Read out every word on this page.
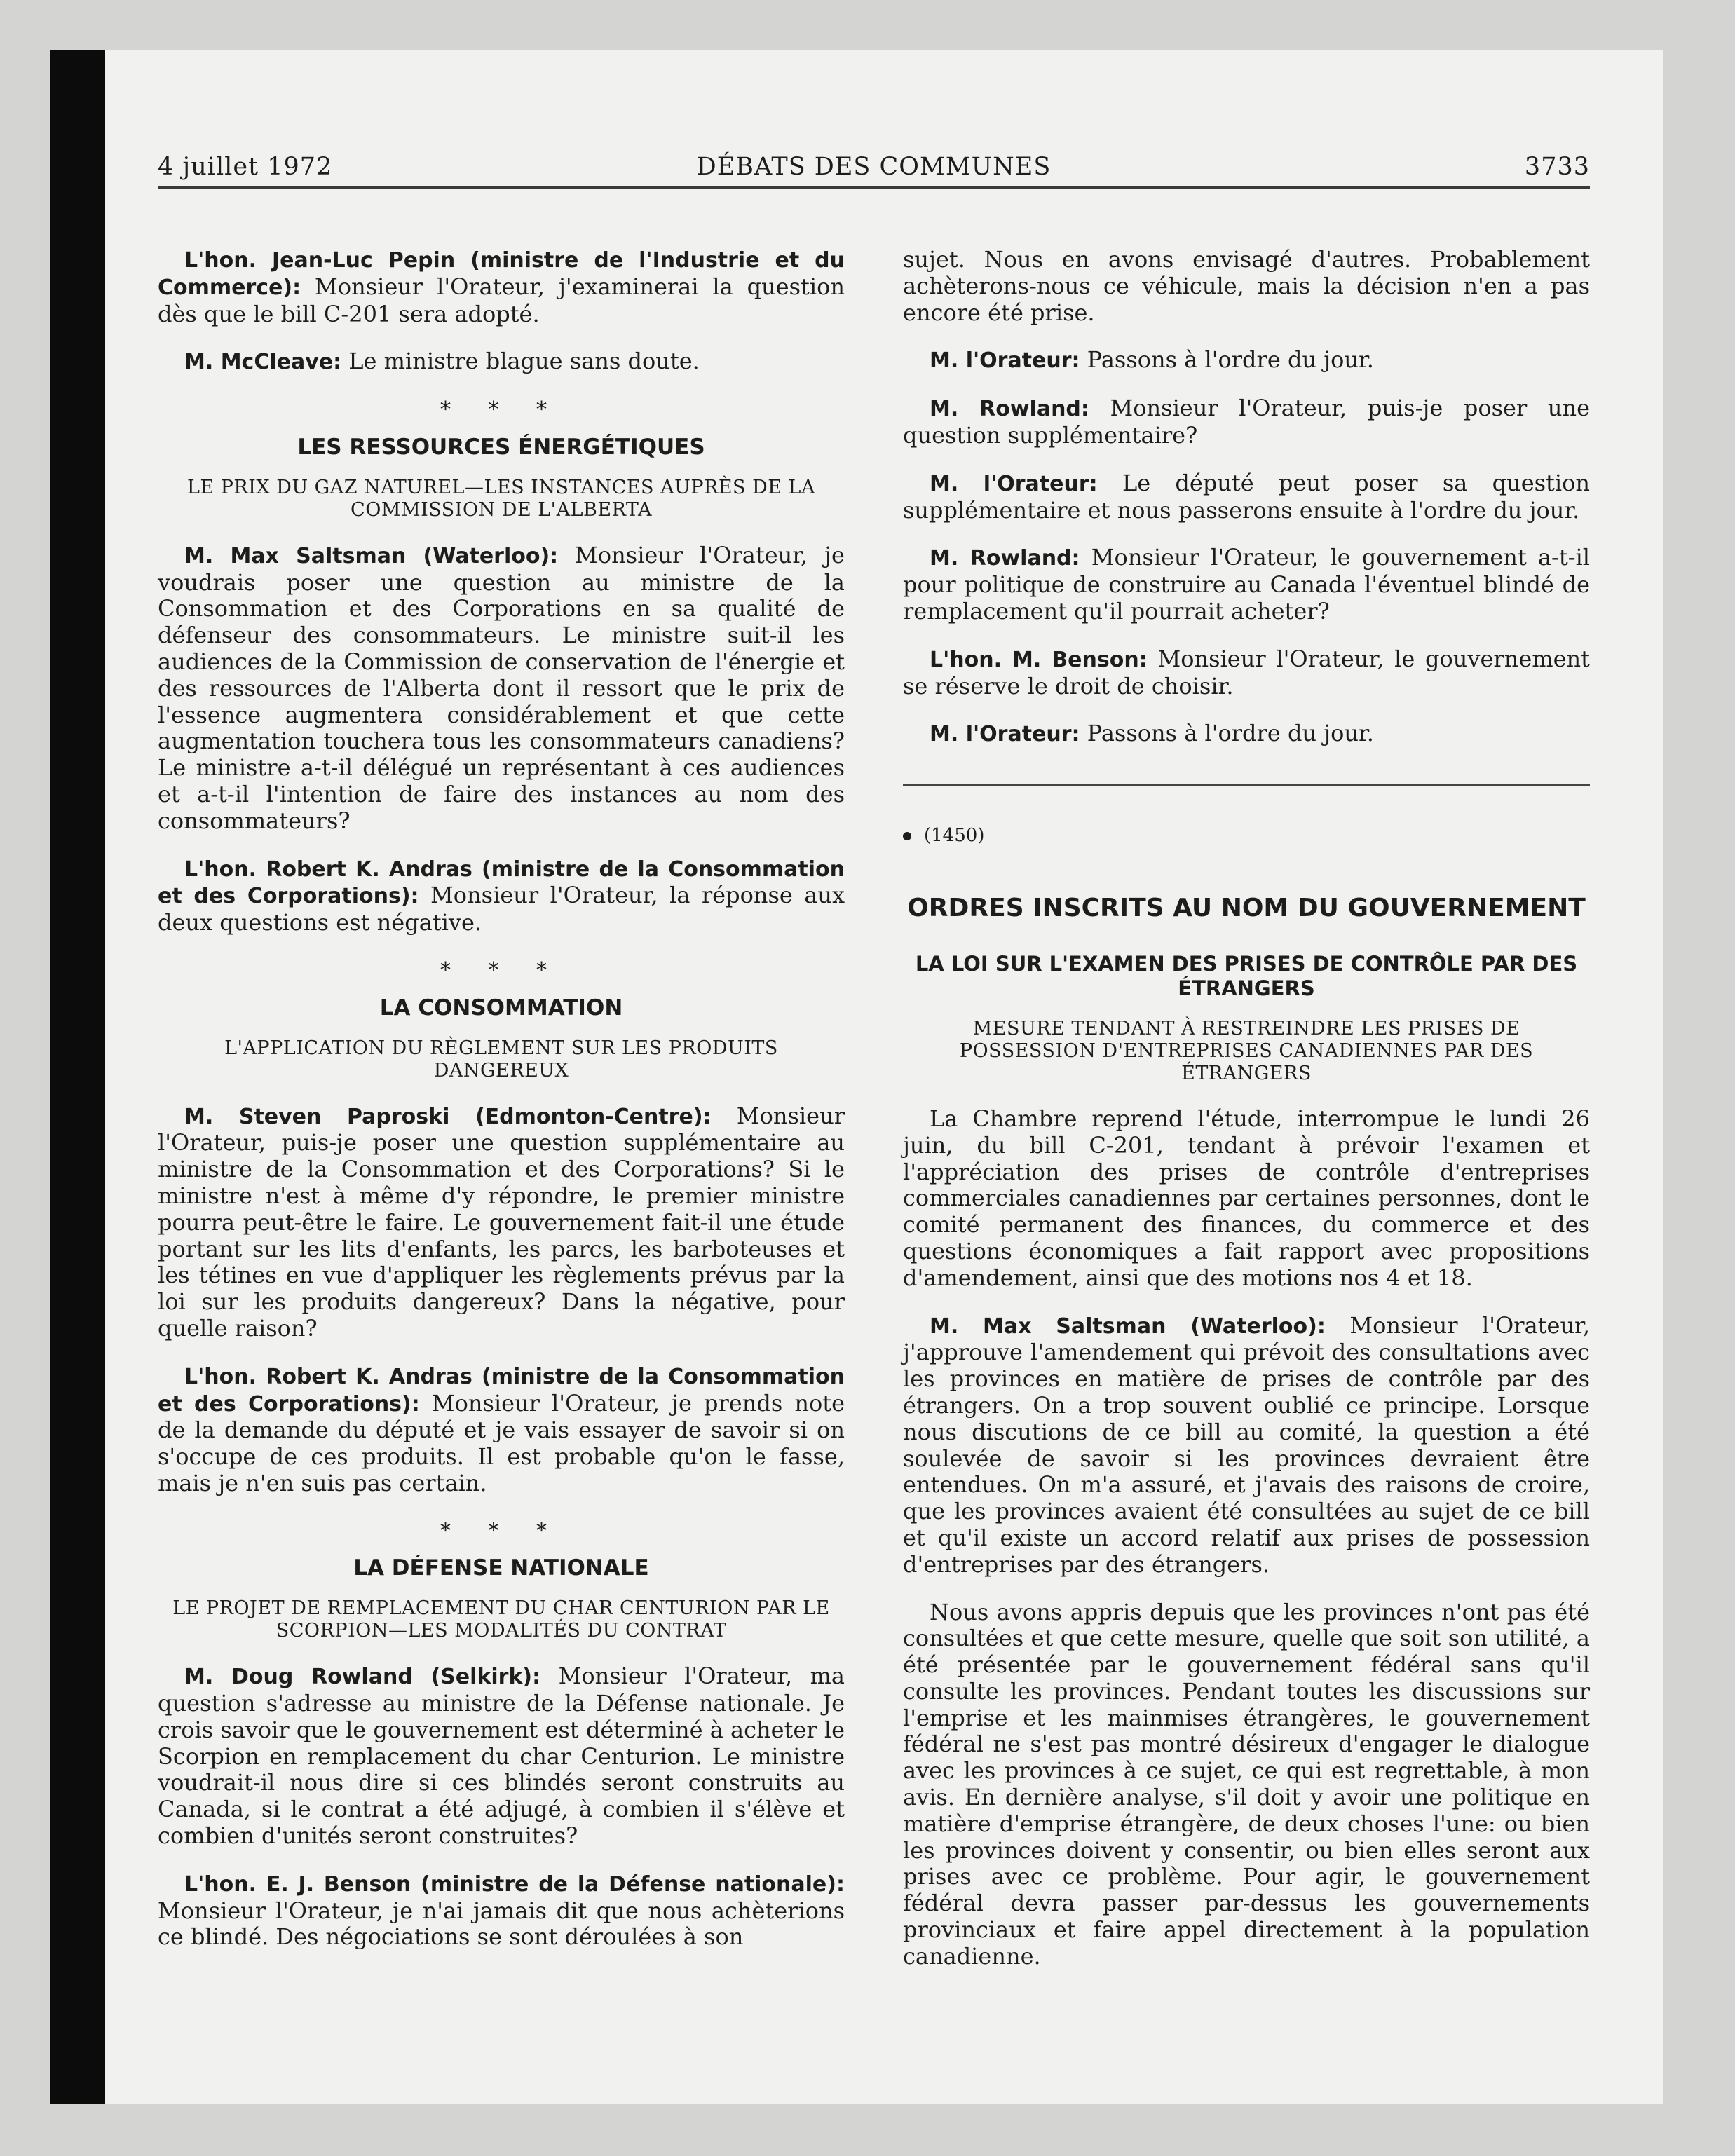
4 juillet 1972	DÉBATS DES COMMUNES	3733

L'hon. Jean-Luc Pepin (ministre de l'Industrie et du Commerce): Monsieur l'Orateur, j'examinerai la question dès que le bill C-201 sera adopté.

M. McCleave: Le ministre blague sans doute.

* * *
LES RESSOURCES ÉNERGÉTIQUES
LE PRIX DU GAZ NATUREL—LES INSTANCES AUPRÈS DE LA COMMISSION DE L'ALBERTA

M. Max Saltsman (Waterloo): Monsieur l'Orateur, je voudrais poser une question au ministre de la Consommation et des Corporations en sa qualité de défenseur des consommateurs. Le ministre suit-il les audiences de la Commission de conservation de l'énergie et des ressources de l'Alberta dont il ressort que le prix de l'essence augmentera considérablement et que cette augmentation touchera tous les consommateurs canadiens? Le ministre a-t-il délégué un représentant à ces audiences et a-t-il l'intention de faire des instances au nom des consommateurs?

L'hon. Robert K. Andras (ministre de la Consommation et des Corporations): Monsieur l'Orateur, la réponse aux deux questions est négative.

* * *
LA CONSOMMATION
L'APPLICATION DU RÈGLEMENT SUR LES PRODUITS DANGEREUX

M. Steven Paproski (Edmonton-Centre): Monsieur l'Orateur, puis-je poser une question supplémentaire au ministre de la Consommation et des Corporations? Si le ministre n'est à même d'y répondre, le premier ministre pourra peut-être le faire. Le gouvernement fait-il une étude portant sur les lits d'enfants, les parcs, les barboteuses et les tétines en vue d'appliquer les règlements prévus par la loi sur les produits dangereux? Dans la négative, pour quelle raison?

L'hon. Robert K. Andras (ministre de la Consommation et des Corporations): Monsieur l'Orateur, je prends note de la demande du député et je vais essayer de savoir si on s'occupe de ces produits. Il est probable qu'on le fasse, mais je n'en suis pas certain.

* * *
LA DÉFENSE NATIONALE
LE PROJET DE REMPLACEMENT DU CHAR CENTURION PAR LE SCORPION—LES MODALITÉS DU CONTRAT

M. Doug Rowland (Selkirk): Monsieur l'Orateur, ma question s'adresse au ministre de la Défense nationale. Je crois savoir que le gouvernement est déterminé à acheter le Scorpion en remplacement du char Centurion. Le ministre voudrait-il nous dire si ces blindés seront construits au Canada, si le contrat a été adjugé, à combien il s'élève et combien d'unités seront construites?

L'hon. E. J. Benson (ministre de la Défense nationale): Monsieur l'Orateur, je n'ai jamais dit que nous achèterions ce blindé. Des négociations se sont déroulées à son

sujet. Nous en avons envisagé d'autres. Probablement achèterons-nous ce véhicule, mais la décision n'en a pas encore été prise.

M. l'Orateur: Passons à l'ordre du jour.

M. Rowland: Monsieur l'Orateur, puis-je poser une question supplémentaire?

M. l'Orateur: Le député peut poser sa question supplémentaire et nous passerons ensuite à l'ordre du jour.

M. Rowland: Monsieur l'Orateur, le gouvernement a-t-il pour politique de construire au Canada l'éventuel blindé de remplacement qu'il pourrait acheter?

L'hon. M. Benson: Monsieur l'Orateur, le gouvernement se réserve le droit de choisir.

M. l'Orateur: Passons à l'ordre du jour.

(1450)
ORDRES INSCRITS AU NOM DU GOUVERNEMENT
LA LOI SUR L'EXAMEN DES PRISES DE CONTRÔLE PAR DES ÉTRANGERS
MESURE TENDANT À RESTREINDRE LES PRISES DE POSSESSION D'ENTREPRISES CANADIENNES PAR DES ÉTRANGERS

La Chambre reprend l'étude, interrompue le lundi 26 juin, du bill C-201, tendant à prévoir l'examen et l'appréciation des prises de contrôle d'entreprises commerciales canadiennes par certaines personnes, dont le comité permanent des finances, du commerce et des questions économiques a fait rapport avec propositions d'amendement, ainsi que des motions nos 4 et 18.

M. Max Saltsman (Waterloo): Monsieur l'Orateur, j'approuve l'amendement qui prévoit des consultations avec les provinces en matière de prises de contrôle par des étrangers. On a trop souvent oublié ce principe. Lorsque nous discutions de ce bill au comité, la question a été soulevée de savoir si les provinces devraient être entendues. On m'a assuré, et j'avais des raisons de croire, que les provinces avaient été consultées au sujet de ce bill et qu'il existe un accord relatif aux prises de possession d'entreprises par des étrangers.

Nous avons appris depuis que les provinces n'ont pas été consultées et que cette mesure, quelle que soit son utilité, a été présentée par le gouvernement fédéral sans qu'il consulte les provinces. Pendant toutes les discussions sur l'emprise et les mainmises étrangères, le gouvernement fédéral ne s'est pas montré désireux d'engager le dialogue avec les provinces à ce sujet, ce qui est regrettable, à mon avis. En dernière analyse, s'il doit y avoir une politique en matière d'emprise étrangère, de deux choses l'une: ou bien les provinces doivent y consentir, ou bien elles seront aux prises avec ce problème. Pour agir, le gouvernement fédéral devra passer par-dessus les gouvernements provinciaux et faire appel directement à la population canadienne.
